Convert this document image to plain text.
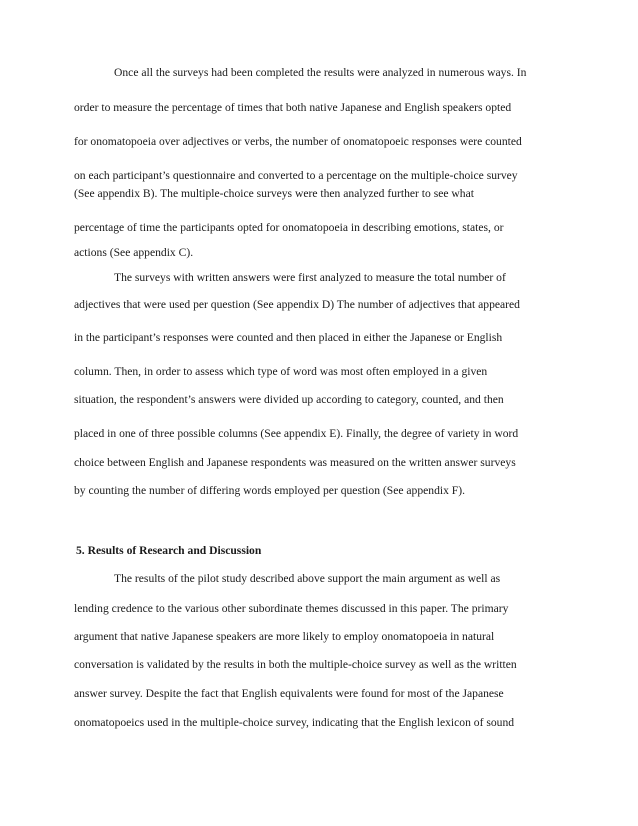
Once all the surveys had been completed the results were analyzed in numerous ways. In
order to measure the percentage of times that both native Japanese and English speakers opted
for onomatopoeia over adjectives or verbs, the number of onomatopoeic responses were counted
on each participant’s questionnaire and converted to a percentage on the multiple-choice survey
(See appendix B). The multiple-choice surveys were then analyzed further to see what
percentage of time the participants opted for onomatopoeia in describing emotions, states, or
actions (See appendix C).
The surveys with written answers were first analyzed to measure the total number of
adjectives that were used per question (See appendix D) The number of adjectives that appeared
in the participant’s responses were counted and then placed in either the Japanese or English
column. Then, in order to assess which type of word was most often employed in a given
situation, the respondent’s answers were divided up according to category, counted, and then
placed in one of three possible columns (See appendix E). Finally, the degree of variety in word
choice between English and Japanese respondents was measured on the written answer surveys
by counting the number of differing words employed per question (See appendix F).
5. Results of Research and Discussion
The results of the pilot study described above support the main argument as well as
lending credence to the various other subordinate themes discussed in this paper. The primary
argument that native Japanese speakers are more likely to employ onomatopoeia in natural
conversation is validated by the results in both the multiple-choice survey as well as the written
answer survey. Despite the fact that English equivalents were found for most of the Japanese
onomatopoeics used in the multiple-choice survey, indicating that the English lexicon of sound
